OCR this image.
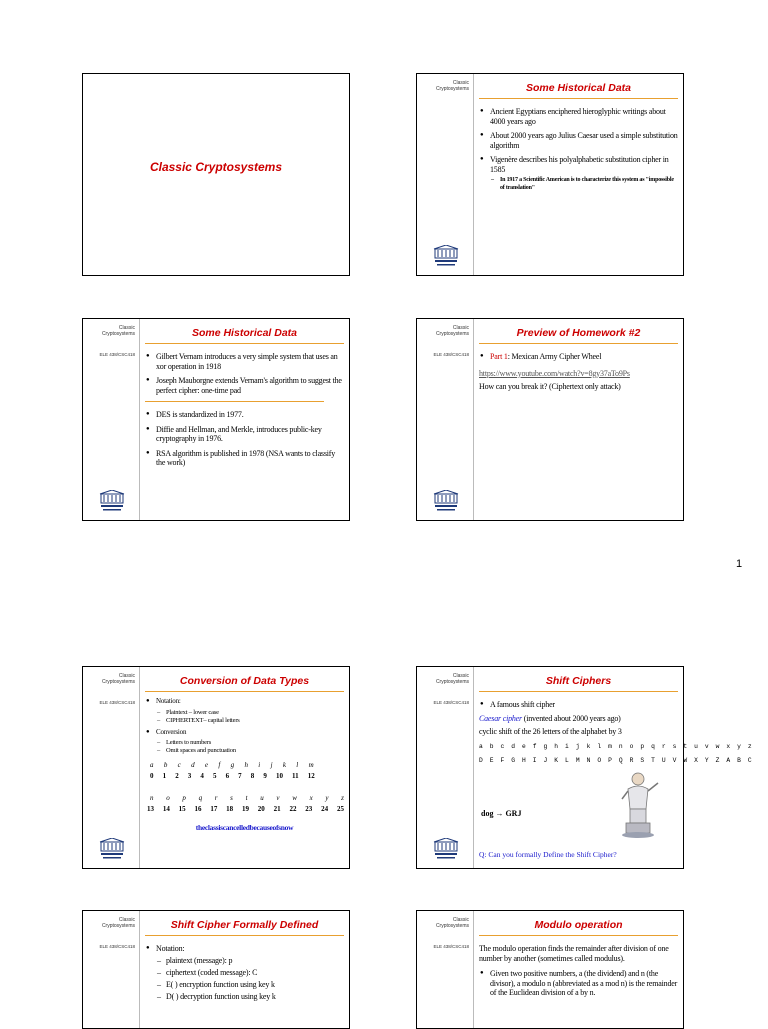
Classic Cryptosystems
Classic
Cryptosystems	Some Historical Data
● Ancient Egyptians enciphered hieroglyphic writings about 4000 years ago
● About 2000 years ago Julius Caesar used a simple substitution algorithm
● Vigenère describes his polyalphabetic substitution cipher in 1585
– In 1917 a Scientific American is to characterize this system as "impossible of translation"
Classic
Cryptosystems
ELE 438/CSC418
Some Historical Data
● Gilbert Vernam introduces a very simple system that uses an xor operation in 1918
● Joseph Mauborgne extends Vernam's algorithm to suggest the perfect cipher: one-time pad
● DES is standardized in 1977.
● Diffie and Hellman, and Merkle, introduces public-key cryptography in 1976.
● RSA algorithm is published in 1978 (NSA wants to classify the work)
Classic
Cryptosystems
ELE 438/CSC418
Preview of Homework #2
● Part 1: Mexican Army Cipher Wheel
https://www.youtube.com/watch?v=8gy37aTo9Ps
How can you break it? (Ciphertext only attack)
1
Classic
Cryptosystems
ELE 438/CSC418
Conversion of Data Types
● Notation:
– Plaintext – lower case
– CIPHERTEXT– capital letters
● Conversion
– Letters to numbers
– Omit spaces and punctuation
a b c d e f g h i j k l m
0 1 2 3 4 5 6 7 8 9 10 11 12
n o p q r s t u v w x y z
13 14 15 16 17 18 19 20 21 22 23 24 25
theclassiscancelledbecauseofsnow
Classic
Cryptosystems
ELE 438/CSC418
Shift Ciphers
● A famous shift cipher
Caesar cipher (invented about 2000 years ago)
cyclic shift of the 26 letters of the alphabet by 3
a b c d e f g h i j k l m n o p q r s t u v w x y z
D E F G H I J K L M N O P Q R S T U V W X Y Z A B C
dog → GRJ
Q: Can you formally Define the Shift Cipher?
Classic
Cryptosystems
ELE 438/CSC418
Shift Cipher Formally Defined
● Notation:
– plaintext (message): p
– ciphertext (coded message): C
– E( ) encryption function using key k
– D( ) decryption function using key k
Classic
Cryptosystems
ELE 438/CSC418
Modulo operation
The modulo operation finds the remainder after division of one number by another (sometimes called modulus).
● Given two positive numbers, a (the dividend) and n (the divisor), a modulo n (abbreviated as a mod n) is the remainder of the Euclidean division of a by n.
